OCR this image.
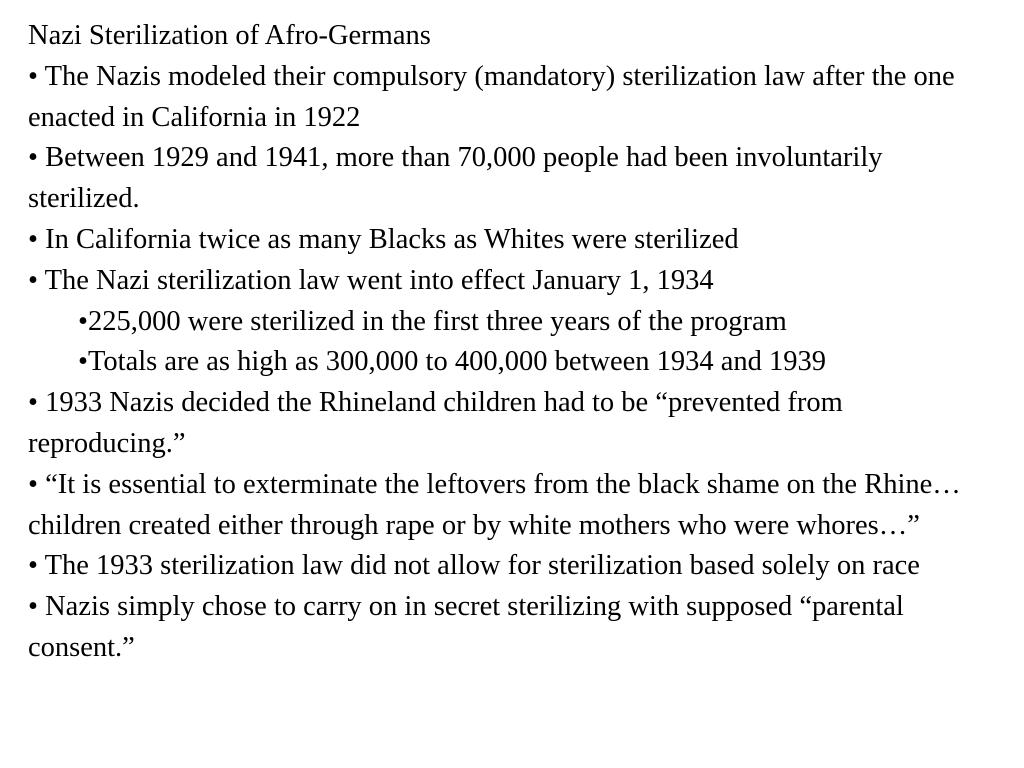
Nazi Sterilization of Afro-Germans

• The Nazis modeled their compulsory (mandatory) sterilization law after the one enacted in California in 1922

• Between 1929 and 1941, more than 70,000 people had been involuntarily sterilized.

• In California twice as many Blacks as Whites were sterilized

• The Nazi sterilization law went into effect January 1, 1934

•225,000 were sterilized in the first three years of the program

•Totals are as high as 300,000 to 400,000 between 1934 and 1939

• 1933 Nazis decided the Rhineland children had to be “prevented from reproducing.”

• “It is essential to exterminate the leftovers from the black shame on the Rhine…children created either through rape or by white mothers who were whores…”

• The 1933 sterilization law did not allow for sterilization based solely on race

• Nazis simply chose to carry on in secret sterilizing with supposed “parental consent.”
